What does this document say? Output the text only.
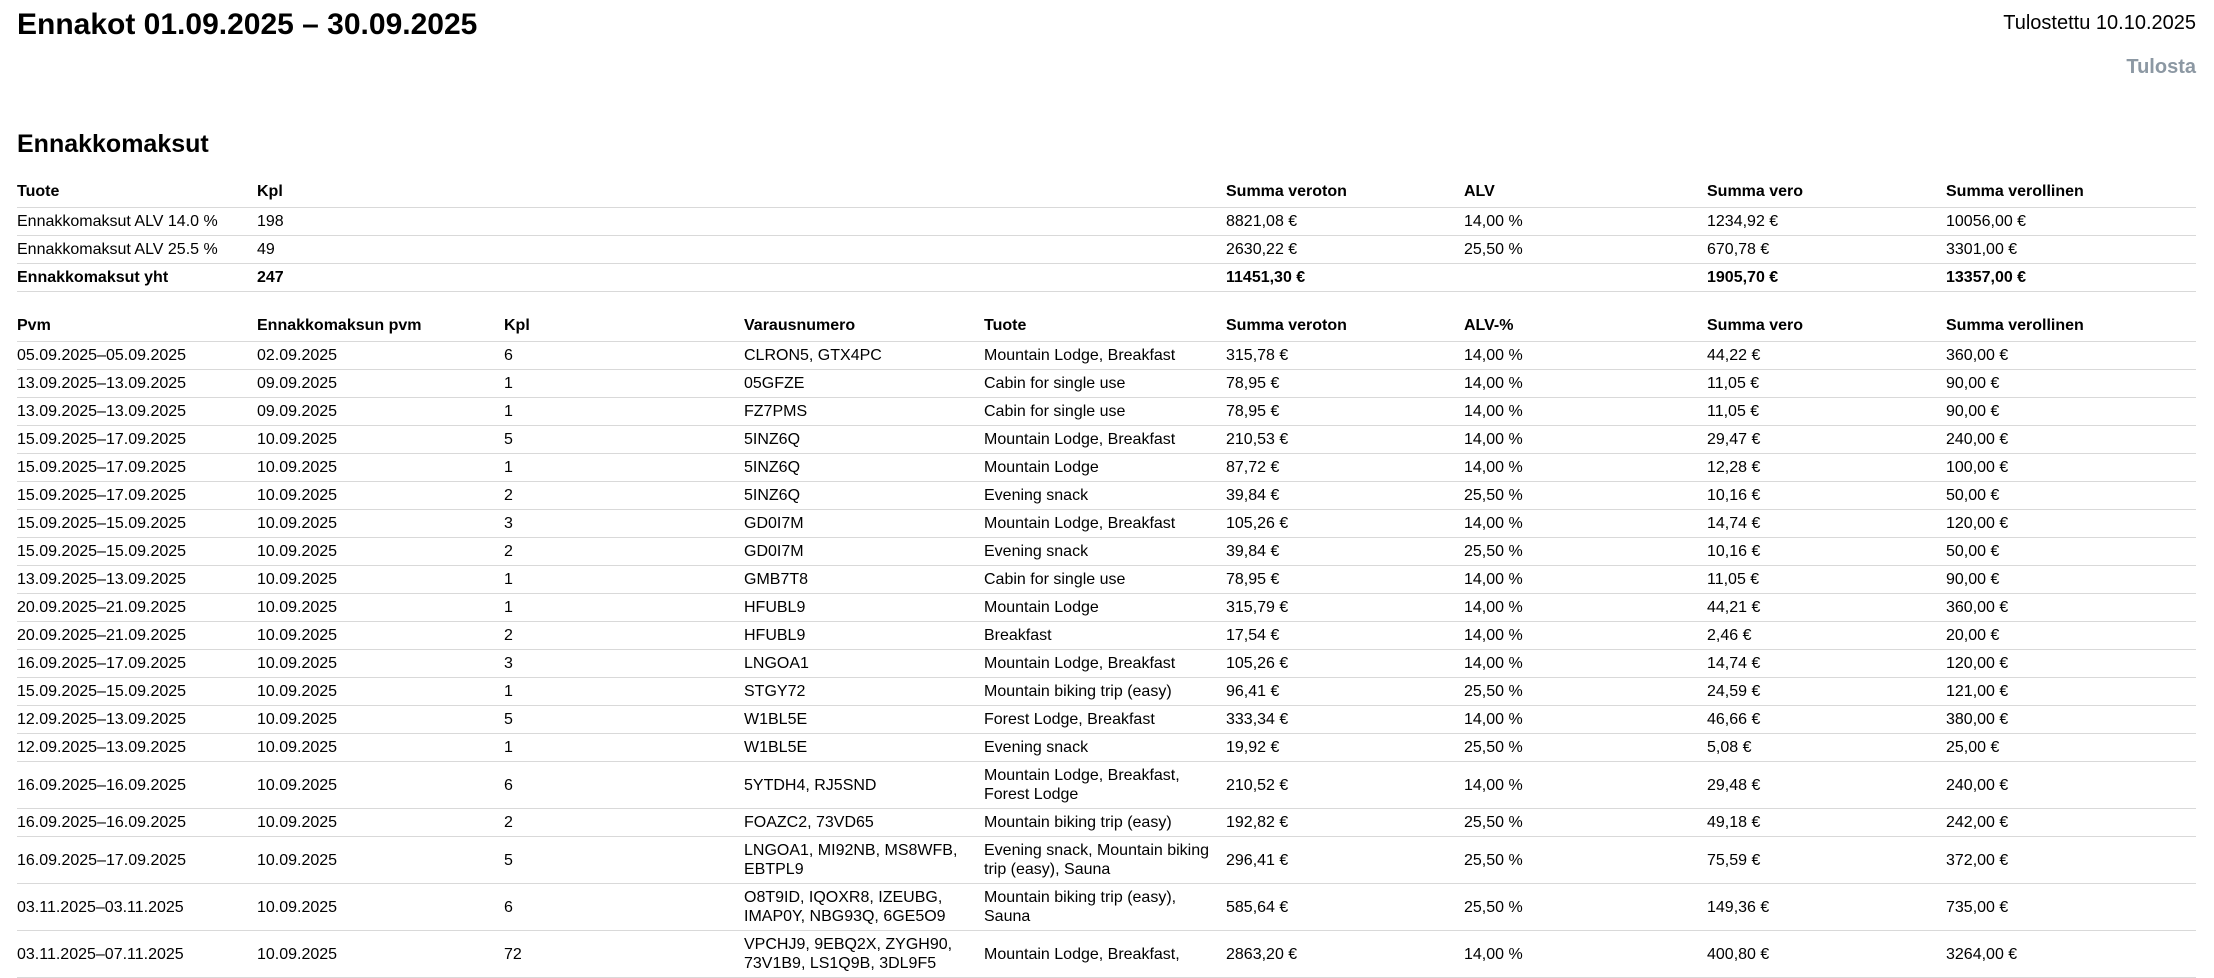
Ennakot 01.09.2025 – 30.09.2025	Tulostettu 10.10.2025
Tulosta
Ennakkomaksut
Tuote	Kpl	Summa veroton	ALV	Summa vero	Summa verollinen
Ennakkomaksut ALV 14.0 %	198	8821,08 €	14,00 %	1234,92 €	10056,00 €
Ennakkomaksut ALV 25.5 %	49	2630,22 €	25,50 %	670,78 €	3301,00 €
Ennakkomaksut yht	247	11451,30 €		1905,70 €	13357,00 €
Pvm	Ennakkomaksun pvm	Kpl	Varausnumero	Tuote	Summa veroton	ALV-%	Summa vero	Summa verollinen
05.09.2025–05.09.2025	02.09.2025	6	CLRON5, GTX4PC	Mountain Lodge, Breakfast	315,78 €	14,00 %	44,22 €	360,00 €
13.09.2025–13.09.2025	09.09.2025	1	05GFZE	Cabin for single use	78,95 €	14,00 %	11,05 €	90,00 €
13.09.2025–13.09.2025	09.09.2025	1	FZ7PMS	Cabin for single use	78,95 €	14,00 %	11,05 €	90,00 €
15.09.2025–17.09.2025	10.09.2025	5	5INZ6Q	Mountain Lodge, Breakfast	210,53 €	14,00 %	29,47 €	240,00 €
15.09.2025–17.09.2025	10.09.2025	1	5INZ6Q	Mountain Lodge	87,72 €	14,00 %	12,28 €	100,00 €
15.09.2025–17.09.2025	10.09.2025	2	5INZ6Q	Evening snack	39,84 €	25,50 %	10,16 €	50,00 €
15.09.2025–15.09.2025	10.09.2025	3	GD0I7M	Mountain Lodge, Breakfast	105,26 €	14,00 %	14,74 €	120,00 €
15.09.2025–15.09.2025	10.09.2025	2	GD0I7M	Evening snack	39,84 €	25,50 %	10,16 €	50,00 €
13.09.2025–13.09.2025	10.09.2025	1	GMB7T8	Cabin for single use	78,95 €	14,00 %	11,05 €	90,00 €
20.09.2025–21.09.2025	10.09.2025	1	HFUBL9	Mountain Lodge	315,79 €	14,00 %	44,21 €	360,00 €
20.09.2025–21.09.2025	10.09.2025	2	HFUBL9	Breakfast	17,54 €	14,00 %	2,46 €	20,00 €
16.09.2025–17.09.2025	10.09.2025	3	LNGOA1	Mountain Lodge, Breakfast	105,26 €	14,00 %	14,74 €	120,00 €
15.09.2025–15.09.2025	10.09.2025	1	STGY72	Mountain biking trip (easy)	96,41 €	25,50 %	24,59 €	121,00 €
12.09.2025–13.09.2025	10.09.2025	5	W1BL5E	Forest Lodge, Breakfast	333,34 €	14,00 %	46,66 €	380,00 €
12.09.2025–13.09.2025	10.09.2025	1	W1BL5E	Evening snack	19,92 €	25,50 %	5,08 €	25,00 €
16.09.2025–16.09.2025	10.09.2025	6	5YTDH4, RJ5SND	Mountain Lodge, Breakfast, Forest Lodge	210,52 €	14,00 %	29,48 €	240,00 €
16.09.2025–16.09.2025	10.09.2025	2	FOAZC2, 73VD65	Mountain biking trip (easy)	192,82 €	25,50 %	49,18 €	242,00 €
16.09.2025–17.09.2025	10.09.2025	5	LNGOA1, MI92NB, MS8WFB, EBTPL9	Evening snack, Mountain biking trip (easy), Sauna	296,41 €	25,50 %	75,59 €	372,00 €
03.11.2025–03.11.2025	10.09.2025	6	O8T9ID, IQOXR8, IZEUBG, IMAP0Y, NBG93Q, 6GE5O9	Mountain biking trip (easy), Sauna	585,64 €	25,50 %	149,36 €	735,00 €
03.11.2025–07.11.2025	10.09.2025	72	VPCHJ9, 9EBQ2X, ZYGH90, 73V1B9, LS1Q9B, 3DL9F5	Mountain Lodge, Breakfast,	2863,20 €	14,00 %	400,80 €	3264,00 €
